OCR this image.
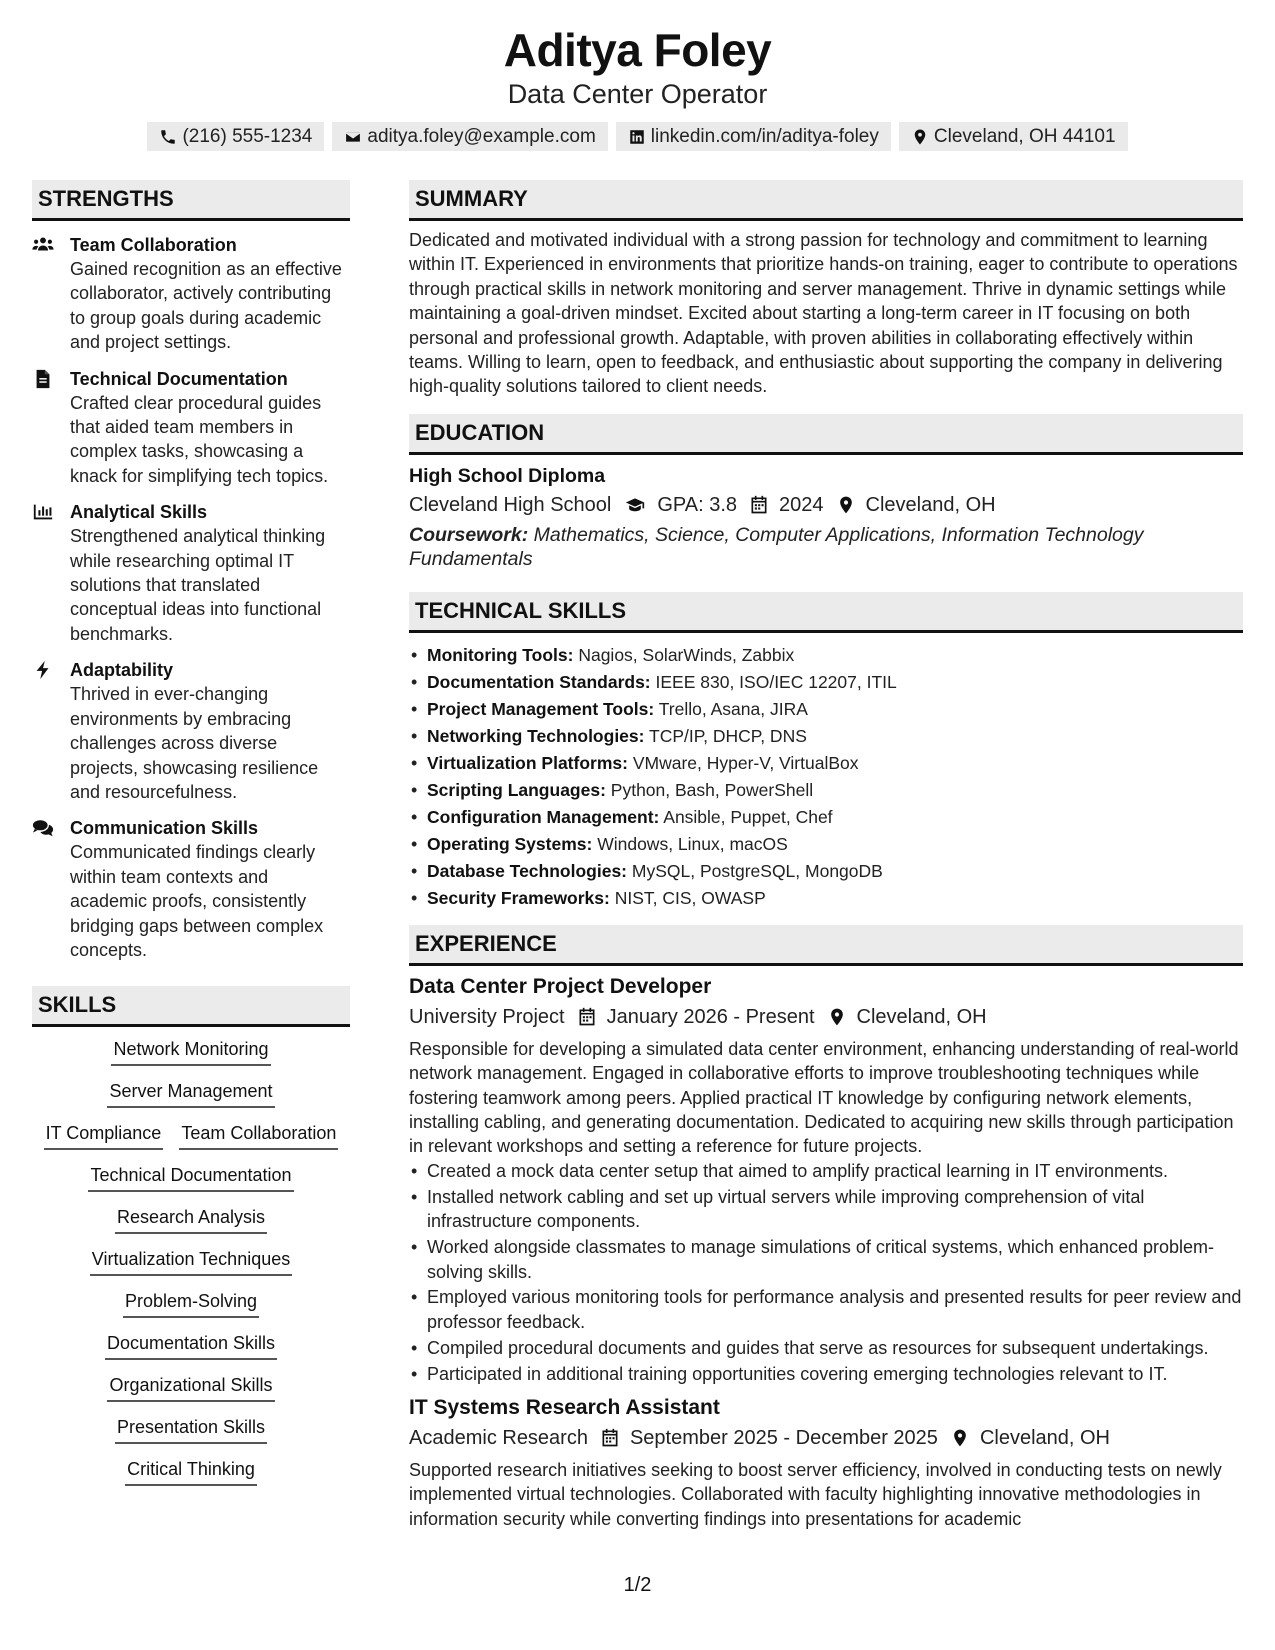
Aditya Foley
Data Center Operator
(216) 555-1234	aditya.foley@example.com	linkedin.com/in/aditya-foley	Cleveland, OH 44101
STRENGTHS
Team Collaboration
Gained recognition as an effective collaborator, actively contributing to group goals during academic and project settings.
Technical Documentation
Crafted clear procedural guides that aided team members in complex tasks, showcasing a knack for simplifying tech topics.
Analytical Skills
Strengthened analytical thinking while researching optimal IT solutions that translated conceptual ideas into functional benchmarks.
Adaptability
Thrived in ever-changing environments by embracing challenges across diverse projects, showcasing resilience and resourcefulness.
Communication Skills
Communicated findings clearly within team contexts and academic proofs, consistently bridging gaps between complex concepts.
SKILLS
Network Monitoring
Server Management
IT Compliance Team Collaboration
Technical Documentation
Research Analysis
Virtualization Techniques
Problem-Solving
Documentation Skills
Organizational Skills
Presentation Skills
Critical Thinking
SUMMARY
Dedicated and motivated individual with a strong passion for technology and commitment to learning within IT. Experienced in environments that prioritize hands-on training, eager to contribute to operations through practical skills in network monitoring and server management. Thrive in dynamic settings while maintaining a goal-driven mindset. Excited about starting a long-term career in IT focusing on both personal and professional growth. Adaptable, with proven abilities in collaborating effectively within teams. Willing to learn, open to feedback, and enthusiastic about supporting the company in delivering high-quality solutions tailored to client needs.
EDUCATION
High School Diploma
Cleveland High School GPA: 3.8 2024 Cleveland, OH
Coursework: Mathematics, Science, Computer Applications, Information Technology Fundamentals
TECHNICAL SKILLS
• Monitoring Tools: Nagios, SolarWinds, Zabbix
• Documentation Standards: IEEE 830, ISO/IEC 12207, ITIL
• Project Management Tools: Trello, Asana, JIRA
• Networking Technologies: TCP/IP, DHCP, DNS
• Virtualization Platforms: VMware, Hyper-V, VirtualBox
• Scripting Languages: Python, Bash, PowerShell
• Configuration Management: Ansible, Puppet, Chef
• Operating Systems: Windows, Linux, macOS
• Database Technologies: MySQL, PostgreSQL, MongoDB
• Security Frameworks: NIST, CIS, OWASP
EXPERIENCE
Data Center Project Developer
University Project January 2026 - Present Cleveland, OH
Responsible for developing a simulated data center environment, enhancing understanding of real-world network management. Engaged in collaborative efforts to improve troubleshooting techniques while fostering teamwork among peers. Applied practical IT knowledge by configuring network elements, installing cabling, and generating documentation. Dedicated to acquiring new skills through participation in relevant workshops and setting a reference for future projects.
• Created a mock data center setup that aimed to amplify practical learning in IT environments.
• Installed network cabling and set up virtual servers while improving comprehension of vital infrastructure components.
• Worked alongside classmates to manage simulations of critical systems, which enhanced problem-solving skills.
• Employed various monitoring tools for performance analysis and presented results for peer review and professor feedback.
• Compiled procedural documents and guides that serve as resources for subsequent undertakings.
• Participated in additional training opportunities covering emerging technologies relevant to IT.
IT Systems Research Assistant
Academic Research September 2025 - December 2025 Cleveland, OH
Supported research initiatives seeking to boost server efficiency, involved in conducting tests on newly implemented virtual technologies. Collaborated with faculty highlighting innovative methodologies in information security while converting findings into presentations for academic
1/2
